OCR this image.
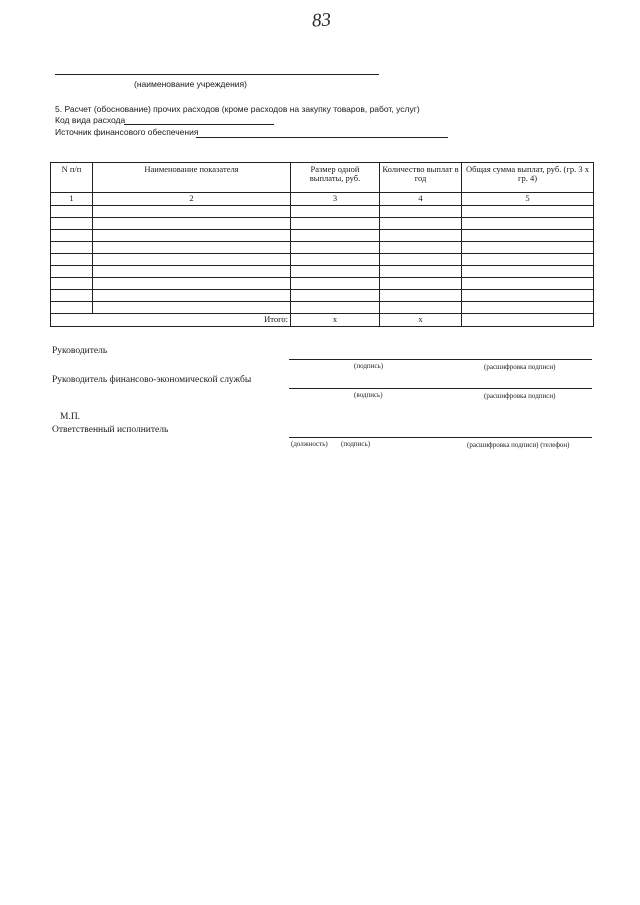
83
(наименование учреждения)
5. Расчет (обоснование) прочих расходов (кроме расходов на закупку товаров, работ, услуг)
Код вида расхода
Источник финансового обеспечения
N п/п	Наименование показателя	Размер одной выплаты, руб.	Количество выплат в год	Общая сумма выплат, руб. (гр. 3 х гр. 4)
1	2	3	4	5

Итого:		x	x	
Руководитель
(подпись)	(расшифровка подписи)
Руководитель финансово-экономической службы
(водпись)	(расшифровка подписи)
М.П.
Ответственный исполнитель
(должность) (подпись)	(расшифровка подписи) (телефон)
